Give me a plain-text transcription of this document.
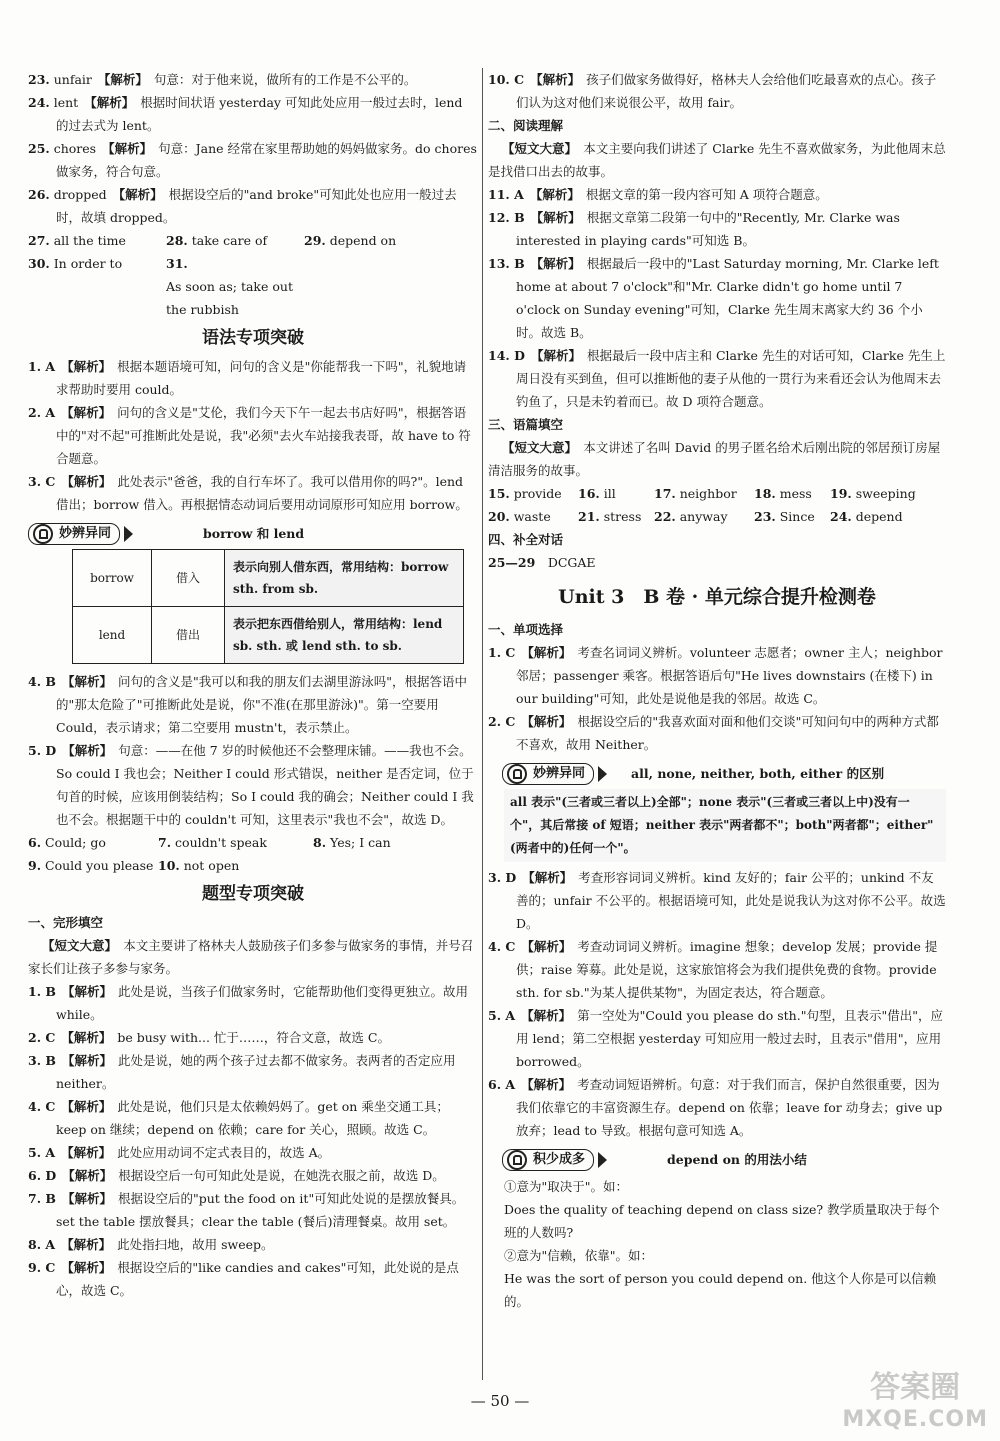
23. unfair 【解析】 句意：对于他来说，做所有的工作是不公平的。

24. lent 【解析】 根据时间状语 yesterday 可知此处应用一般过去时，lend 的过去式为 lent。

25. chores 【解析】 句意：Jane 经常在家里帮助她的妈妈做家务。do chores 做家务，符合句意。

26. dropped 【解析】 根据设空后的"and broke"可知此处也应用一般过去时，故填 dropped。

27. all the time	28. take care of	29. depend on
30. In order to	31. As soon as; take out the rubbish
语法专项突破

1. A 【解析】 根据本题语境可知，问句的含义是"你能帮我一下吗"，礼貌地请求帮助时要用 could。

2. A 【解析】 问句的含义是"艾伦，我们今天下午一起去书店好吗"，根据答语中的"对不起"可推断此处是说，我"必须"去火车站接我表哥，故 have to 符合题意。

3. C 【解析】 此处表示"爸爸，我的自行车坏了。我可以借用你的吗?"。lend 借出；borrow 借入。再根据情态动词后要用动词原形可知应用 borrow。

妙辨异同	borrow 和 lend
borrow	借入	表示向别人借东西，常用结构：borrow sth. from sb.
lend	借出	表示把东西借给别人，常用结构：lend sb. sth. 或 lend sth. to sb.

4. B 【解析】 问句的含义是"我可以和我的朋友们去湖里游泳吗"，根据答语中的"那太危险了"可推断此处是说，你"不准(在那里游泳)"。第一空要用 Could，表示请求；第二空要用 mustn't，表示禁止。

5. D 【解析】 句意：——在他 7 岁的时候他还不会整理床铺。——我也不会。So could I 我也会；Neither I could 形式错误，neither 是否定词，位于句首的时候，应该用倒装结构；So I could 我的确会；Neither could I 我也不会。根据题干中的 couldn't 可知，这里表示"我也不会"，故选 D。

6. Could; go	7. couldn't speak	8. Yes; I can
9. Could you please 10. not open
题型专项突破

一、完形填空

【短文大意】　 本文主要讲了格林夫人鼓励孩子们多参与做家务的事情，并号召家长们让孩子多参与家务。

1. B 【解析】 此处是说，当孩子们做家务时，它能帮助他们变得更独立。故用 while。

2. C 【解析】 be busy with... 忙于……，符合文意，故选 C。

3. B 【解析】 此处是说，她的两个孩子过去都不做家务。表两者的否定应用 neither。

4. C 【解析】 此处是说，他们只是太依赖妈妈了。get on 乘坐交通工具；keep on 继续；depend on 依赖；care for 关心，照顾。故选 C。

5. A 【解析】 此处应用动词不定式表目的，故选 A。

6. D 【解析】 根据设空后一句可知此处是说，在她洗衣服之前，故选 D。

7. B 【解析】 根据设空后的"put the food on it"可知此处说的是摆放餐具。set the table 摆放餐具；clear the table (餐后)清理餐桌。故用 set。

8. A 【解析】 此处指扫地，故用 sweep。

9. C 【解析】 根据设空后的"like candies and cakes"可知，此处说的是点心，故选 C。

10. C 【解析】 孩子们做家务做得好，格林夫人会给他们吃最喜欢的点心。孩子们认为这对他们来说很公平，故用 fair。

二、阅读理解

【短文大意】　 本文主要向我们讲述了 Clarke 先生不喜欢做家务，为此他周末总是找借口出去的故事。

11. A 【解析】 根据文章的第一段内容可知 A 项符合题意。

12. B 【解析】 根据文章第二段第一句中的"Recently, Mr. Clarke was interested in playing cards"可知选 B。

13. B 【解析】 根据最后一段中的"Last Saturday morning, Mr. Clarke left home at about 7 o'clock"和"Mr. Clarke didn't go home until 7 o'clock on Sunday evening"可知，Clarke 先生周末离家大约 36 个小时。故选 B。

14. D 【解析】 根据最后一段中店主和 Clarke 先生的对话可知，Clarke 先生上周日没有买到鱼，但可以推断他的妻子从他的一贯行为来看还会认为他周末去钓鱼了，只是未钓着而已。故 D 项符合题意。

三、语篇填空

【短文大意】　 本文讲述了名叫 David 的男子匿名给术后刚出院的邻居预订房屋清洁服务的故事。

15. provide	16. ill	17. neighbor	18. mess	19. sweeping
20. waste	21. stress	22. anyway	23. Since	24. depend

四、补全对话

25—29　 DCGAE

Unit 3　B 卷 · 单元综合提升检测卷

一、单项选择

1. C 【解析】 考查名词词义辨析。volunteer 志愿者；owner 主人；neighbor 邻居；passenger 乘客。根据答语后句"He lives downstairs (在楼下) in our building"可知，此处是说他是我的邻居。故选 C。

2. C 【解析】 根据设空后的"我喜欢面对面和他们交谈"可知问句中的两种方式都不喜欢，故用 Neither。

妙辨异同	all, none, neither, both, either 的区别

all 表示"(三者或三者以上)全部"；none 表示"(三者或三者以上中)没有一个"，其后常接 of 短语；neither 表示"两者都不"；both"两者都"；either"(两者中的)任何一个"。

3. D 【解析】 考查形容词词义辨析。kind 友好的；fair 公平的；unkind 不友善的；unfair 不公平的。根据语境可知，此处是说我认为这对你不公平。故选 D。

4. C 【解析】 考查动词词义辨析。imagine 想象；develop 发展；provide 提供；raise 筹募。此处是说，这家旅馆将会为我们提供免费的食物。provide sth. for sb."为某人提供某物"，为固定表达，符合题意。

5. A 【解析】 第一空处为"Could you please do sth."句型，且表示"借出"，应用 lend；第二空根据 yesterday 可知应用一般过去时，且表示"借用"，应用 borrowed。

6. A 【解析】 考查动词短语辨析。句意：对于我们而言，保护自然很重要，因为我们依靠它的丰富资源生存。depend on 依靠；leave for 动身去；give up 放弃；lead to 导致。根据句意可知选 A。

积少成多	depend on 的用法小结

①意为"取决于"。如：

Does the quality of teaching depend on class size? 教学质量取决于每个班的人数吗?

②意为"信赖，依靠"。如：

He was the sort of person you could depend on. 他这个人你是可以信赖的。

— 50 —	答案圈
MXQE.COM
